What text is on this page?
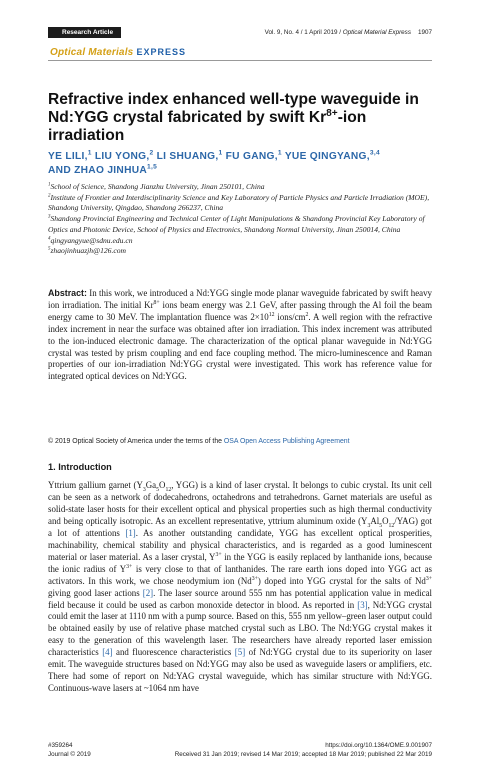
Research Article	Vol. 9, No. 4 / 1 April 2019 / Optical Material Express 1907
Optical Materials EXPRESS
Refractive index enhanced well-type waveguide in Nd:YGG crystal fabricated by swift $Kr^{8+}$-ion irradiation
YE LILI,$^1$ LIU YONG,$^2$ LI SHUANG,$^1$ FU GANG,$^1$ YUE QINGYANG,$^{3,4}$
AND ZHAO JINHUA$^{1,5}$
$^1$School of Science, Shandong Jianzhu University, Jinan 250101, China
$^2$Institute of Frontier and Interdisciplinarity Science and Key Laboratory of Particle Physics and Particle Irradiation (MOE), Shandong University, Qingdao, Shandong 266237, China
$^3$Shandong Provincial Engineering and Technical Center of Light Manipulations & Shandong Provincial Key Laboratory of Optics and Photonic Device, School of Physics and Electronics, Shandong Normal University, Jinan 250014, China
$^4$qingyangyue@sdnu.edu.cn
$^5$zhaojinhuazjh@126.com

Abstract: In this work, we introduced a Nd:YGG single mode planar waveguide fabricated by swift heavy ion irradiation. The initial $Kr^{8+}$ ions beam energy was 2.1 GeV, after passing through the Al foil the beam energy came to 30 MeV. The implantation fluence was $2\times 10^{12}$ ions/$cm^2$. A well region with the refractive index increment in near the surface was obtained after ion irradiation. This index increment was attributed to the ion-induced electronic damage. The characterization of the optical planar waveguide in Nd:YGG crystal was tested by prism coupling and end face coupling method. The micro-luminescence and Raman properties of our ion-irradiation Nd:YGG crystal were investigated. This work has reference value for integrated optical devices on Nd:YGG.

© 2019 Optical Society of America under the terms of the OSA Open Access Publishing Agreement

1. Introduction

Yttrium gallium garnet ($Y_3Ga_5O_{12}$, YGG) is a kind of laser crystal. It belongs to cubic crystal. Its unit cell can be seen as a network of dodecahedrons, octahedrons and tetrahedrons. Garnet materials are useful as solid-state laser hosts for their excellent optical and physical properties such as high thermal conductivity and being optically isotropic. As an excellent representative, yttrium aluminum oxide $(Y_3Al_5O_{12}/YAG)$ got a lot of attentions [1]. As another outstanding candidate, YGG has excellent optical prosperities, machinability, chemical stability and physical characteristics, and is regarded as a good luminescent material or laser material. As a laser crystal, $Y^{3+}$ in the YGG is easily replaced by lanthanide ions, because the ionic radius of $Y^{3+}$ is very close to that of lanthanides. The rare earth ions doped into YGG act as activators. In this work, we chose neodymium ion $(Nd^{3+})$ doped into YGG crystal for the salts of $Nd^{3+}$ giving good laser actions [2]. The laser source around 555 nm has potential application value in medical field because it could be used as carbon monoxide detector in blood. As reported in [3], Nd:YGG crystal could emit the laser at 1110 nm with a pump source. Based on this, 555 nm yellow–green laser output could be obtained easily by use of relative phase matched crystal such as LBO. The Nd:YGG crystal makes it easy to the generation of this wavelength laser. The researchers have already reported laser emission characteristics [4] and fluorescence characteristics [5] of Nd:YGG crystal due to its superiority on laser emit. The waveguide structures based on Nd:YGG may also be used as waveguide lasers or amplifiers, etc. There had some of report on Nd:YAG crystal waveguide, which has similar structure with Nd:YGG. Continuous-wave lasers at ~1064 nm have

#359264
Journal © 2019
https://doi.org/10.1364/OME.9.001907
Received 31 Jan 2019; revised 14 Mar 2019; accepted 18 Mar 2019; published 22 Mar 2019
